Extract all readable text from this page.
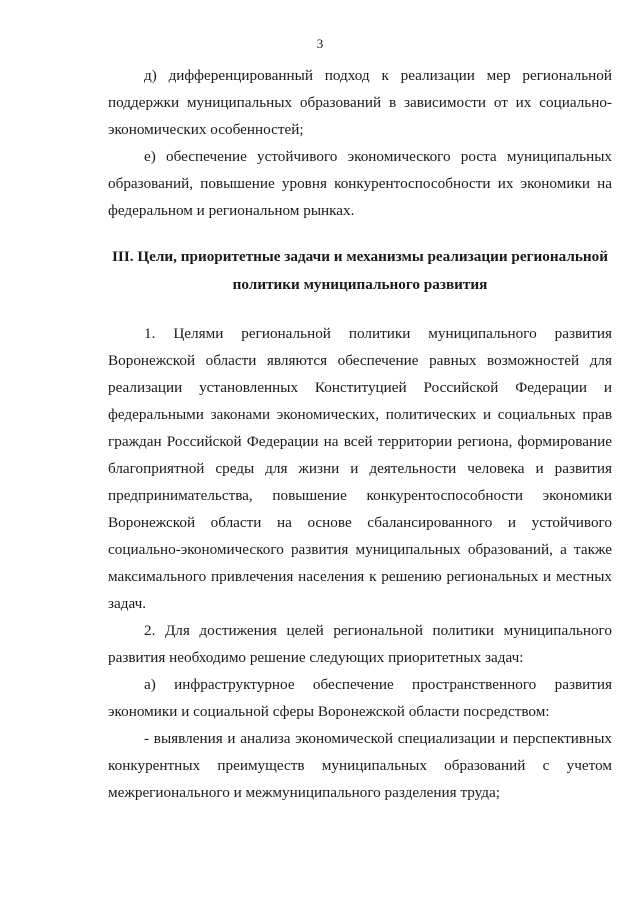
3

д) дифференцированный подход к реализации мер региональной поддержки муниципальных образований в зависимости от их социально-экономических особенностей;

е) обеспечение устойчивого экономического роста муниципальных образований, повышение уровня конкурентоспособности их экономики на федеральном и региональном рынках.

III. Цели, приоритетные задачи и механизмы реализации региональной
политики муниципального развития

1. Целями региональной политики муниципального развития Воронежской области являются обеспечение равных возможностей для реализации установленных Конституцией Российской Федерации и федеральными законами экономических, политических и социальных прав граждан Российской Федерации на всей территории региона, формирование благоприятной среды для жизни и деятельности человека и развития предпринимательства, повышение конкурентоспособности экономики Воронежской области на основе сбалансированного и устойчивого социально-экономического развития муниципальных образований, а также максимального привлечения населения к решению региональных и местных задач.

2. Для достижения целей региональной политики муниципального развития необходимо решение следующих приоритетных задач:

а) инфраструктурное обеспечение пространственного развития экономики и социальной сферы Воронежской области посредством:

- выявления и анализа экономической специализации и перспективных конкурентных преимуществ муниципальных образований с учетом межрегионального и межмуниципального разделения труда;
